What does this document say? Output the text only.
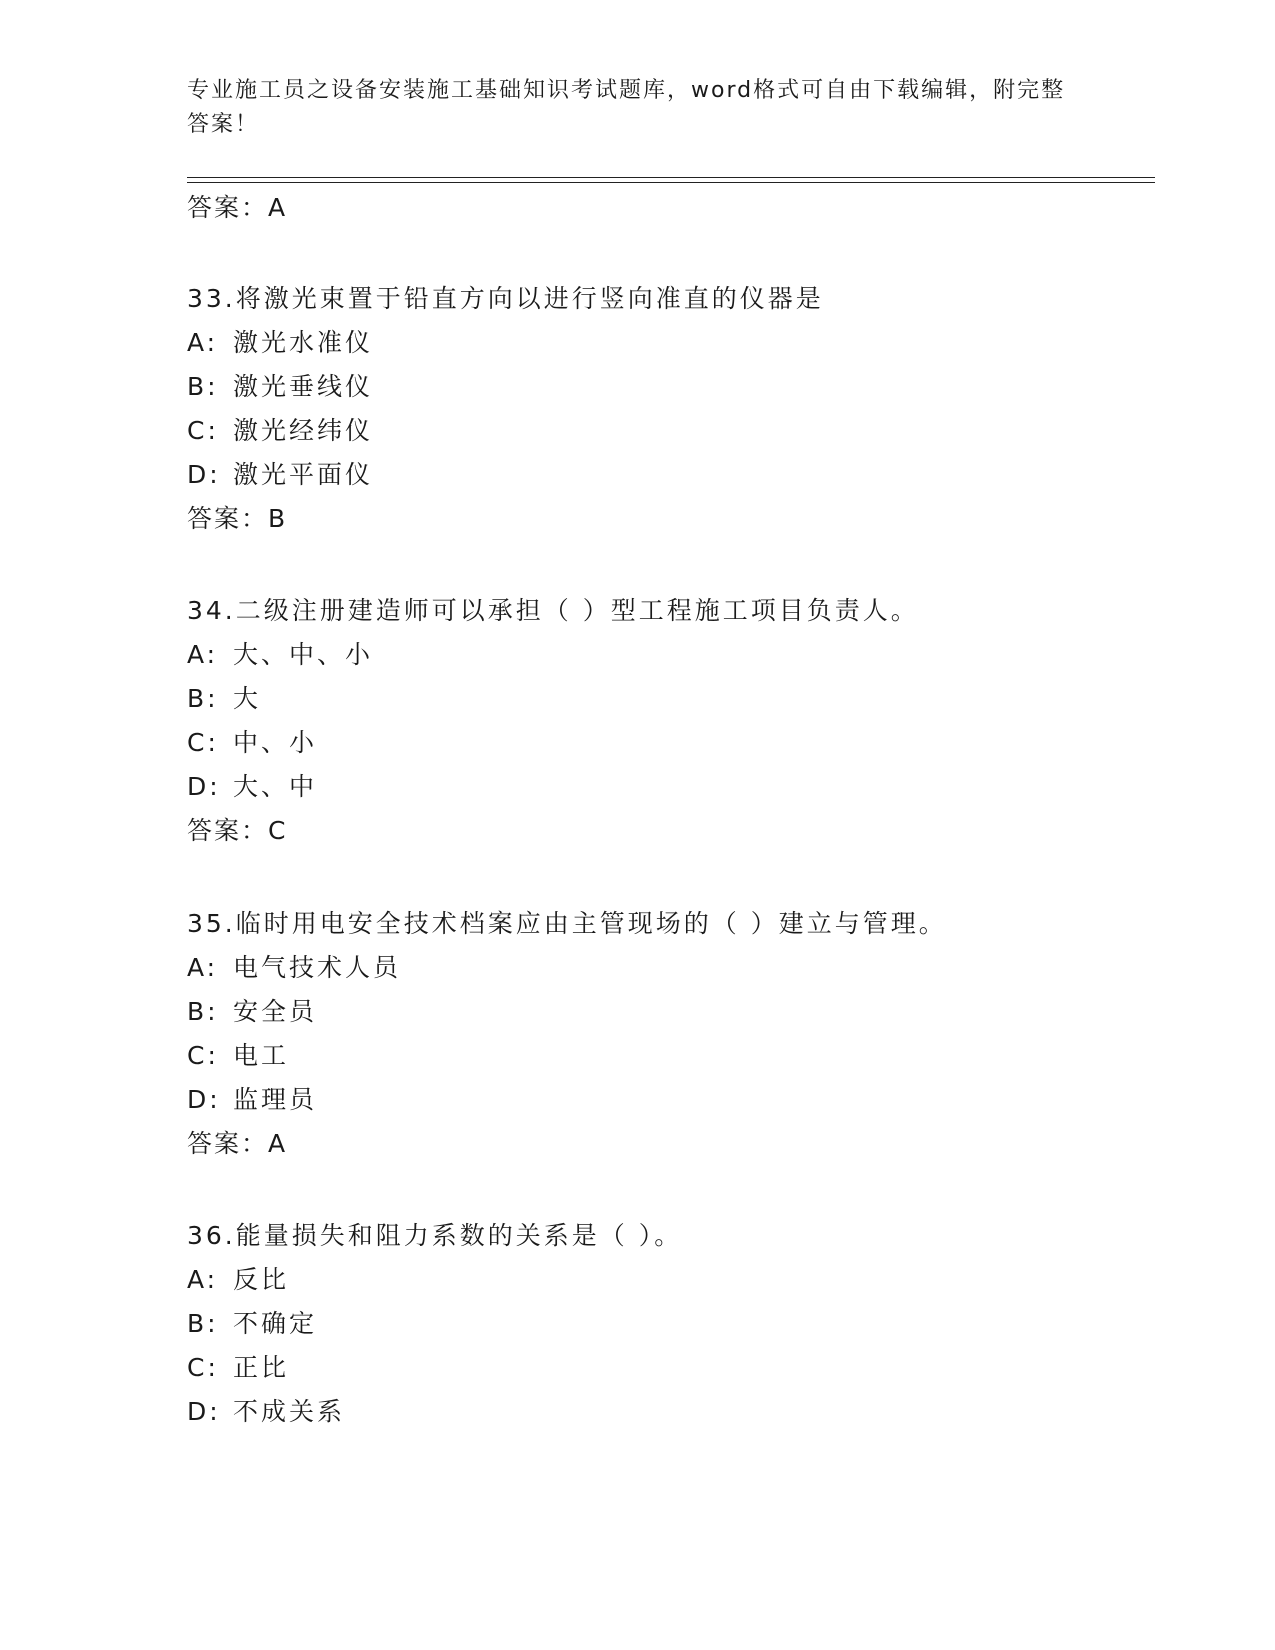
专业施工员之设备安装施工基础知识考试题库，word格式可自由下载编辑，附完整答案！
答案：A
33.将激光束置于铅直方向以进行竖向准直的仪器是
A: 激光水准仪
B: 激光垂线仪
C: 激光经纬仪
D: 激光平面仪
答案：B
34.二级注册建造师可以承担（ ）型工程施工项目负责人。
A: 大、中、小
B: 大
C: 中、小
D: 大、中
答案：C
35.临时用电安全技术档案应由主管现场的（ ）建立与管理。
A: 电气技术人员
B: 安全员
C: 电工
D: 监理员
答案：A
36.能量损失和阻力系数的关系是（ ）。
A: 反比
B: 不确定
C: 正比
D: 不成关系
